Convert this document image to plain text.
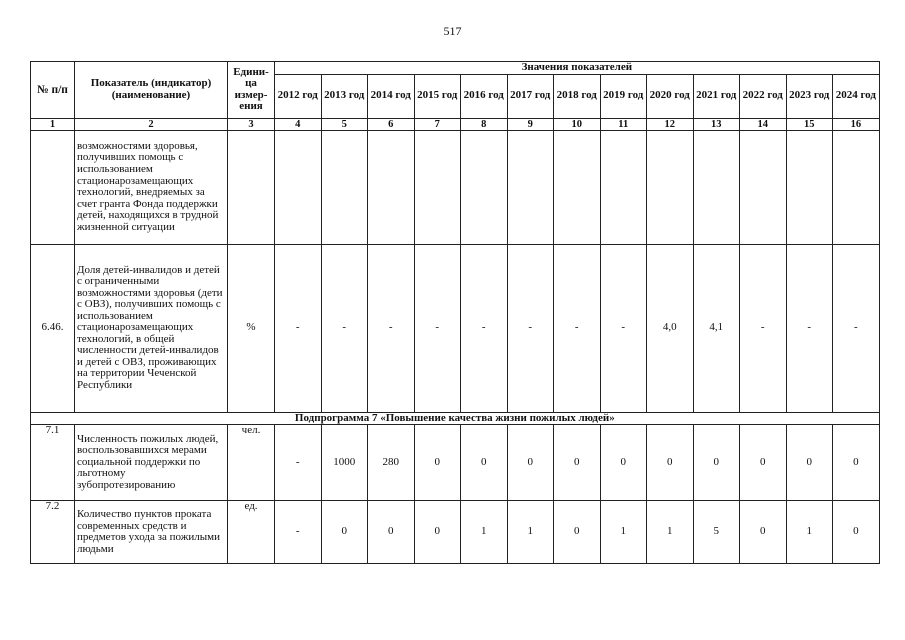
517
№ п/п	Показатель (индикатор) (наименование)	Единица измерения	Значения показателей												
			2012 год	2013 год	2014 год	2015 год	2016 год	2017 год	2018 год	2019 год	2020 год	2021 год	2022 год	2023 год	2024 год
1	2	3	4	5	6	7	8	9	10	11	12	13	14	15	16
	возможностями здоровья, получивших помощь с использованием стационарозамещающих технологий, внедряемых за счет гранта Фонда поддержки детей, находящихся в трудной жизненной ситуации														
6.46.	Доля детей-инвалидов и детей с ограниченными возможностями здоровья (дети с ОВЗ), получивших помощь с использованием стационарозамещающих технологий, в общей численности детей-инвалидов и детей с ОВЗ, проживающих на территории Чеченской Республики	%	-	-	-	-	-	-	-	-	4,0	4,1	-	-	-
Подпрограмма 7 «Повышение качества жизни пожилых людей»															
7.1	Численность пожилых людей, воспользовавшихся мерами социальной поддержки по льготному зубопротезированию	чел.	-	1000	280	0	0	0	0	0	0	0	0	0	0
7.2	Количество пунктов проката современных средств и предметов ухода за пожилыми людьми	ед.	-	0	0	0	1	1	0	1	1	5	0	1	0
